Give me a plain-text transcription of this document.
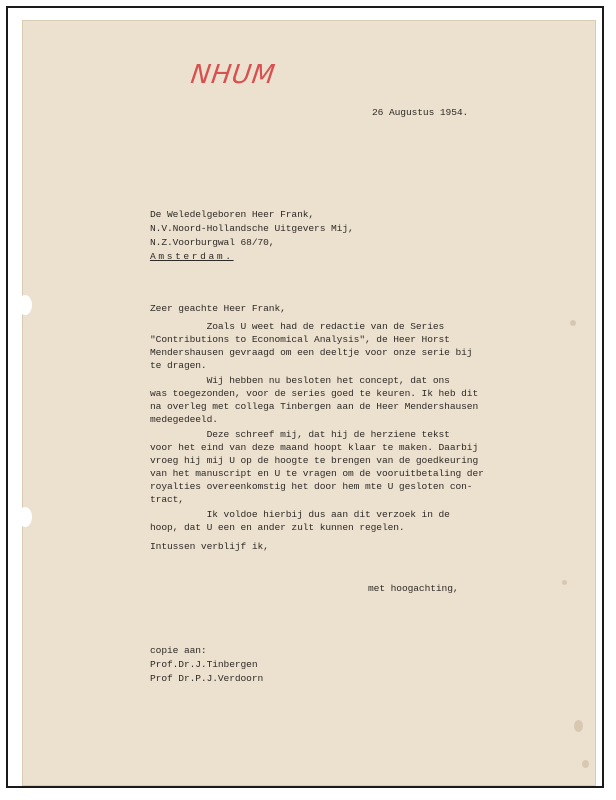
NHUM
26 Augustus 1954.
De Weledelgeboren Heer Frank,
N.V.Noord-Hollandsche Uitgevers Mij,
N.Z.Voorburgwal 68/70,
Amsterdam.
Zeer geachte Heer Frank,
Zoals U weet had de redactie van de Series
"Contributions to Economical Analysis", de Heer Horst
Mendershausen gevraagd om een deeltje voor onze serie bij
te dragen.
Wij hebben nu besloten het concept, dat ons
was toegezonden, voor de series goed te keuren. Ik heb dit
na overleg met collega Tinbergen aan de Heer Mendershausen
medegedeeld.
Deze schreef mij, dat hij de herziene tekst
voor het eind van deze maand hoopt klaar te maken. Daarbij
vroeg hij mij U op de hoogte te brengen van de goedkeuring
van het manuscript en U te vragen om de vooruitbetaling der
royalties overeenkomstig het door hem mte U gesloten con-
tract,
Ik voldoe hierbij dus aan dit verzoek in de
hoop, dat U een en ander zult kunnen regelen.
Intussen verblijf ik,
met hoogachting,
copie aan:
Prof.Dr.J.Tinbergen
Prof Dr.P.J.Verdoorn
